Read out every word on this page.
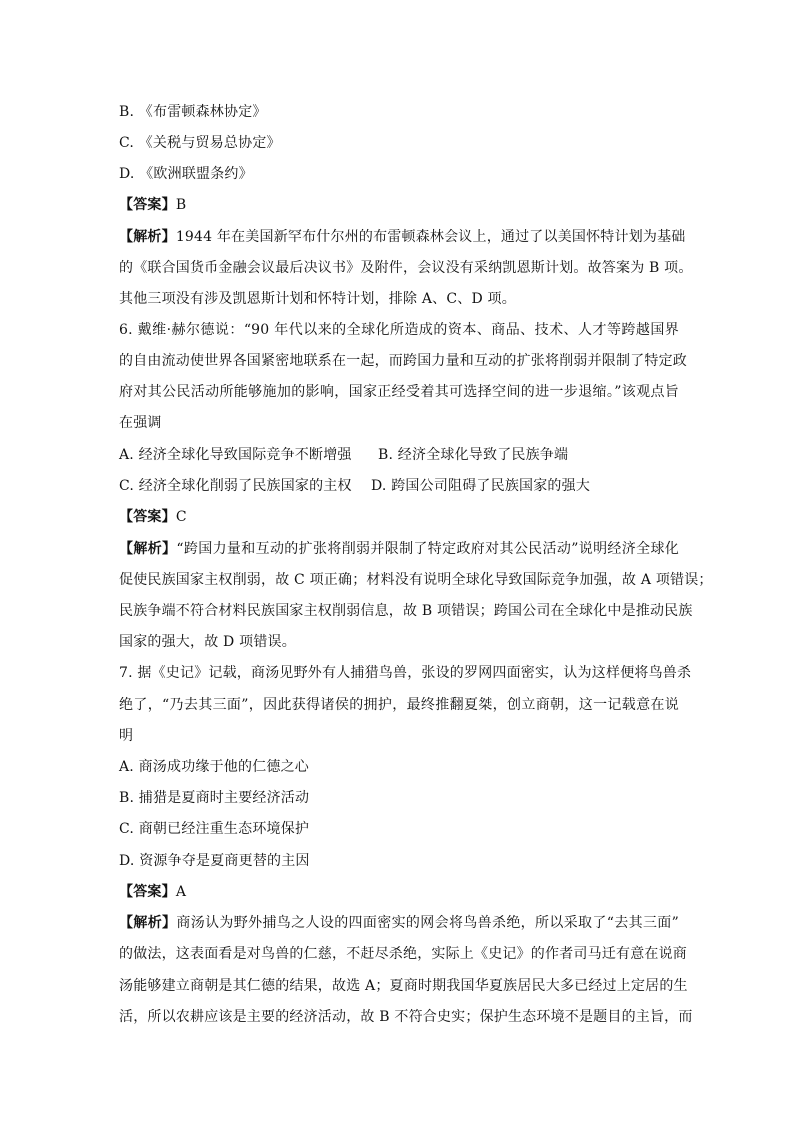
B. 《布雷顿森林协定》
C. 《关税与贸易总协定》
D. 《欧洲联盟条约》
【答案】B
【解析】1944 年在美国新罕布什尔州的布雷顿森林会议上，通过了以美国怀特计划为基础
的《联合国货币金融会议最后决议书》及附件，会议没有采纳凯恩斯计划。故答案为 B 项。
其他三项没有涉及凯恩斯计划和怀特计划，排除 A、C、D 项。
6. 戴维·赫尔德说：“90 年代以来的全球化所造成的资本、商品、技术、人才等跨越国界
的自由流动使世界各国紧密地联系在一起，而跨国力量和互动的扩张将削弱并限制了特定政
府对其公民活动所能够施加的影响，国家正经受着其可选择空间的进一步退缩。”该观点旨
在强调
A. 经济全球化导致国际竞争不断增强 B. 经济全球化导致了民族争端
C. 经济全球化削弱了民族国家的主权 D. 跨国公司阻碍了民族国家的强大
【答案】C
【解析】“跨国力量和互动的扩张将削弱并限制了特定政府对其公民活动”说明经济全球化
促使民族国家主权削弱，故 C 项正确；材料没有说明全球化导致国际竞争加强，故 A 项错误；
民族争端不符合材料民族国家主权削弱信息，故 B 项错误；跨国公司在全球化中是推动民族
国家的强大，故 D 项错误。
7. 据《史记》记载，商汤见野外有人捕猎鸟兽，张设的罗网四面密实，认为这样便将鸟兽杀
绝了，“乃去其三面”，因此获得诸侯的拥护，最终推翻夏桀，创立商朝，这一记载意在说
明
A. 商汤成功缘于他的仁德之心
B. 捕猎是夏商时主要经济活动
C. 商朝已经注重生态环境保护
D. 资源争夺是夏商更替的主因
【答案】A
【解析】商汤认为野外捕鸟之人设的四面密实的网会将鸟兽杀绝，所以采取了“去其三面”
的做法，这表面看是对鸟兽的仁慈，不赶尽杀绝，实际上《史记》的作者司马迁有意在说商
汤能够建立商朝是其仁德的结果，故选 A；夏商时期我国华夏族居民大多已经过上定居的生
活，所以农耕应该是主要的经济活动，故 B 不符合史实；保护生态环境不是题目的主旨，而
